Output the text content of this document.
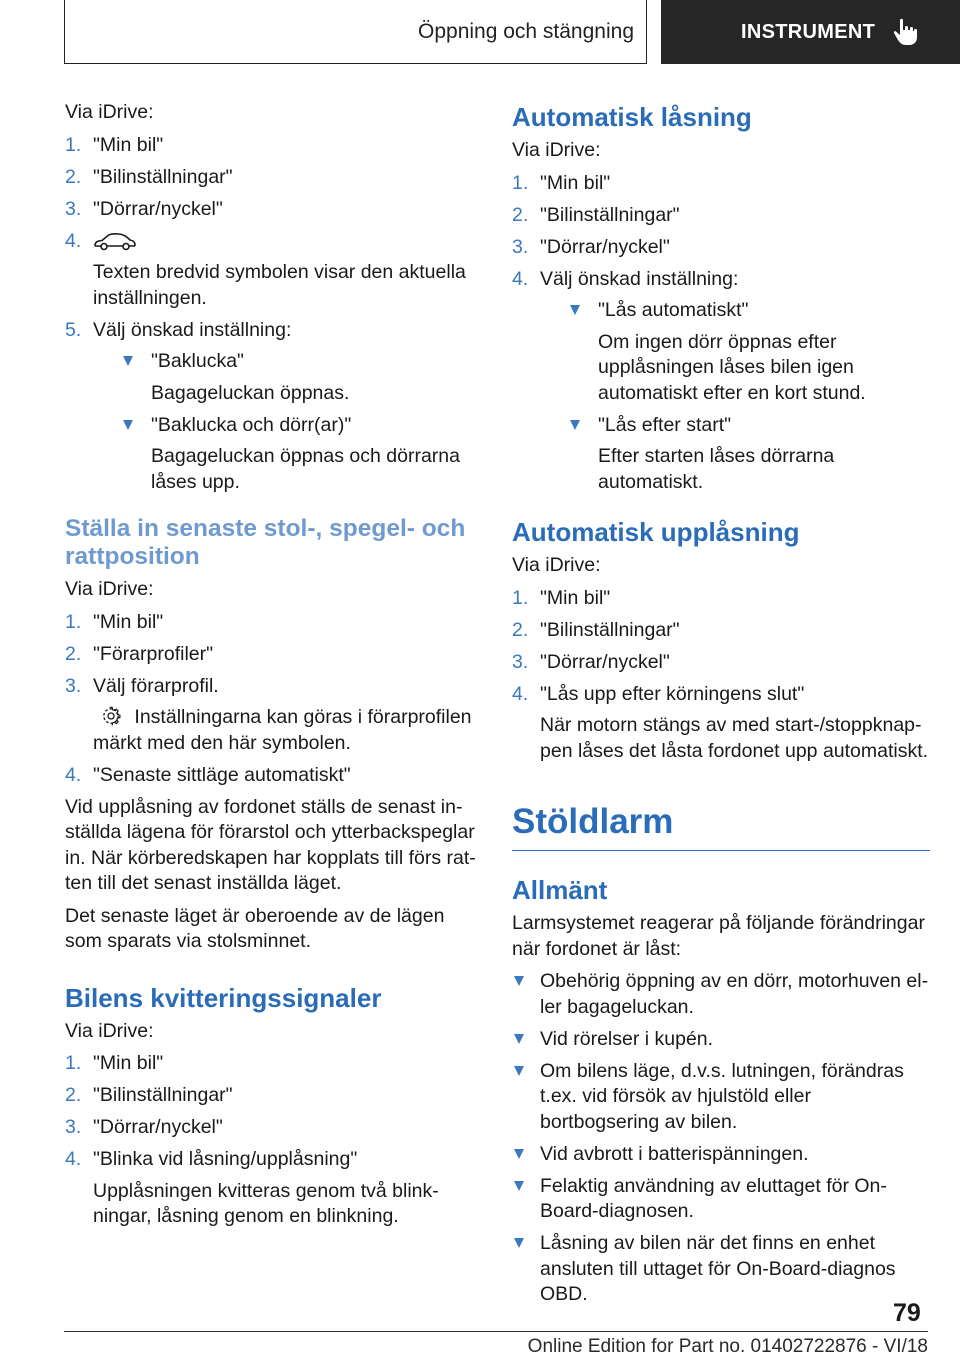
Öppning och stängning	INSTRUMENT

Via iDrive:

1. "Min bil"
2. "Bilinställningar"
3. "Dörrar/nyckel"
4.
Texten bredvid symbolen visar den aktuella inställningen.
5. Välj önskad inställning:
"Baklucka"
Bagageluckan öppnas.
"Baklucka och dörr(ar)"
Bagageluckan öppnas och dörrarna låses upp.
Ställa in senaste stol-, spegel- och rattposition

Via iDrive:

1. "Min bil"
2. "Förarprofiler"
3. Välj förarprofil.
Inställningarna kan göras i förarprofilen märkt med den här symbolen.
4. "Senaste sittläge automatiskt"

Vid upplåsning av fordonet ställs de senast inställda lägena för förarstol och ytterbackspeglar in. När körberedskapen har kopplats till förs ratten till det senast inställda läget.

Det senaste läget är oberoende av de lägen som sparats via stolsminnet.

Bilens kvitteringssignaler

Via iDrive:

1. "Min bil"
2. "Bilinställningar"
3. "Dörrar/nyckel"
4. "Blinka vid låsning/upplåsning"
Upplåsningen kvitteras genom två blinkningar, låsning genom en blinkning.
Automatisk låsning

Via iDrive:

1. "Min bil"
2. "Bilinställningar"
3. "Dörrar/nyckel"
4. Välj önskad inställning:
"Lås automatiskt"
Om ingen dörr öppnas efter upplåsningen låses bilen igen automatiskt efter en kort stund.
"Lås efter start"
Efter starten låses dörrarna automatiskt.
Automatisk upplåsning

Via iDrive:

1. "Min bil"
2. "Bilinställningar"
3. "Dörrar/nyckel"
4. "Lås upp efter körningens slut"
När motorn stängs av med start-/stoppknappen låses det låsta fordonet upp automatiskt.
Stöldlarm
Allmänt

Larmsystemet reagerar på följande förändringar när fordonet är låst:

Obehörig öppning av en dörr, motorhuven eller bagageluckan.
Vid rörelser i kupén.
Om bilens läge, d.v.s. lutningen, förändras t.ex. vid försök av hjulstöld eller bortbogsering av bilen.
Vid avbrott i batterispänningen.
Felaktig användning av eluttaget för On-Board-diagnosen.
Låsning av bilen när det finns en enhet ansluten till uttaget för On-Board-diagnos OBD.
79
Online Edition for Part no. 01402722876 - VI/18
